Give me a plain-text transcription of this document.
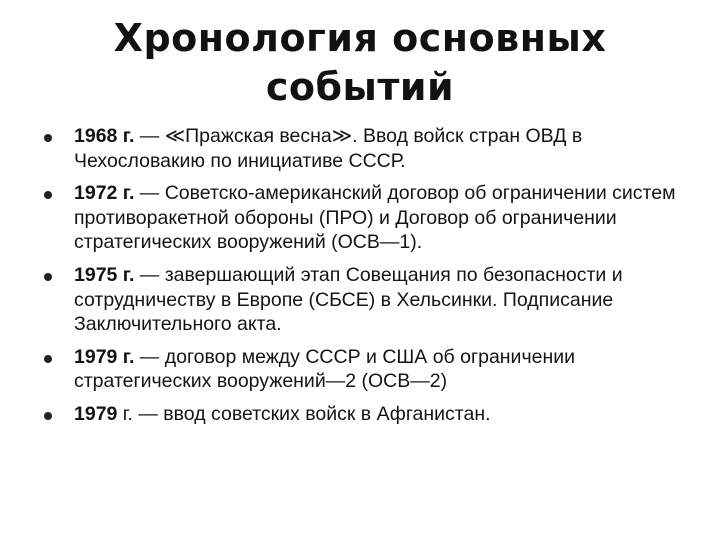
Хронология основных событий
1968 г. — ≪Пражская весна≫. Ввод войск стран ОВД в Чехословакию по инициативе СССР.
1972 г. — Советско-американский договор об ограничении систем противоракетной обороны (ПРО) и Договор об ограничении стратегических вооружений (ОСВ—1).
1975 г. — завершающий этап Совещания по безопасности и сотрудничеству в Европе (СБСЕ) в Хельсинки. Подписание Заключительного акта.
1979 г. — договор между СССР и США об ограничении стратегических вооружений—2 (ОСВ—2)
1979 г. — ввод советских войск в Афганистан.
